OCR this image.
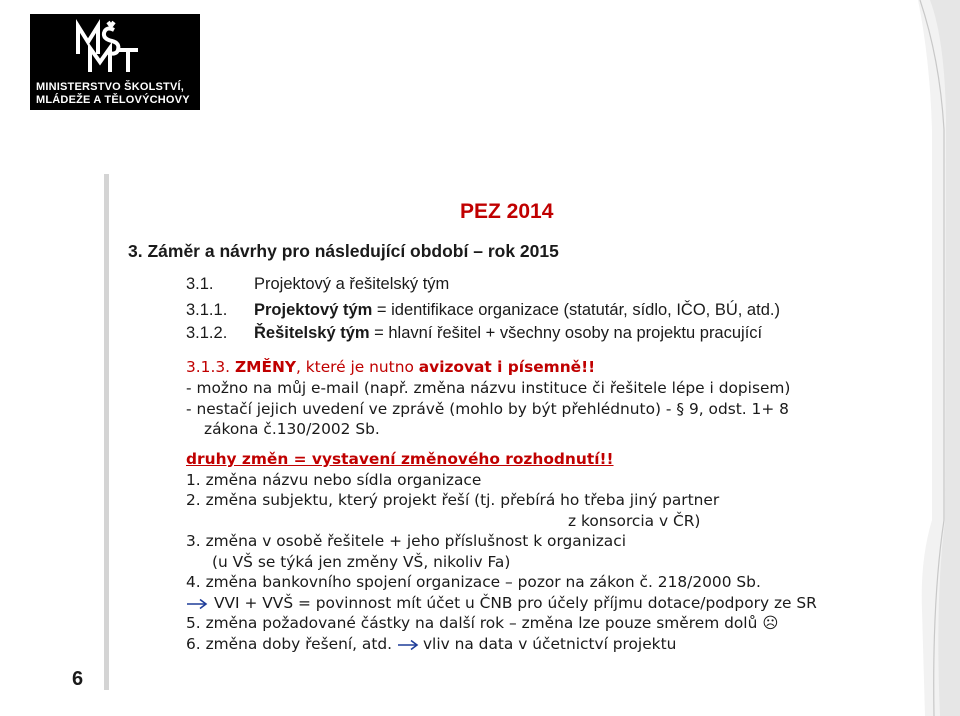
MINISTERSTVO ŠKOLSTVÍ,
MLÁDEŽE A TĚLOVÝCHOVY
PEZ 2014
3. Záměr a návrhy pro následující období – rok 2015
3.1. Projektový a řešitelský tým
3.1.1. Projektový tým = identifikace organizace (statutár, sídlo, IČO, BÚ, atd.)
3.1.2. Řešitelský tým = hlavní řešitel + všechny osoby na projektu pracující
3.1.3. ZMĚNY, které je nutno avizovat i písemně!!
- možno na můj e-mail (např. změna názvu instituce či řešitele lépe i dopisem)
- nestačí jejich uvedení ve zprávě (mohlo by být přehlédnuto) - § 9, odst. 1+ 8
zákona č.130/2002 Sb.
druhy změn = vystavení změnového rozhodnutí!!
1. změna názvu nebo sídla organizace
2. změna subjektu, který projekt řeší (tj. přebírá ho třeba jiný partner
z konsorcia v ČR)
3. změna v osobě řešitele + jeho příslušnost k organizaci
(u VŠ se týká jen změny VŠ, nikoliv Fa)
4. změna bankovního spojení organizace – pozor na zákon č. 218/2000 Sb.
VVI + VVŠ = povinnost mít účet u ČNB pro účely příjmu dotace/podpory ze SR
5. změna požadované částky na další rok – změna lze pouze směrem dolů ☹
6. změna doby řešení, atd. vliv na data v účetnictví projektu
6
